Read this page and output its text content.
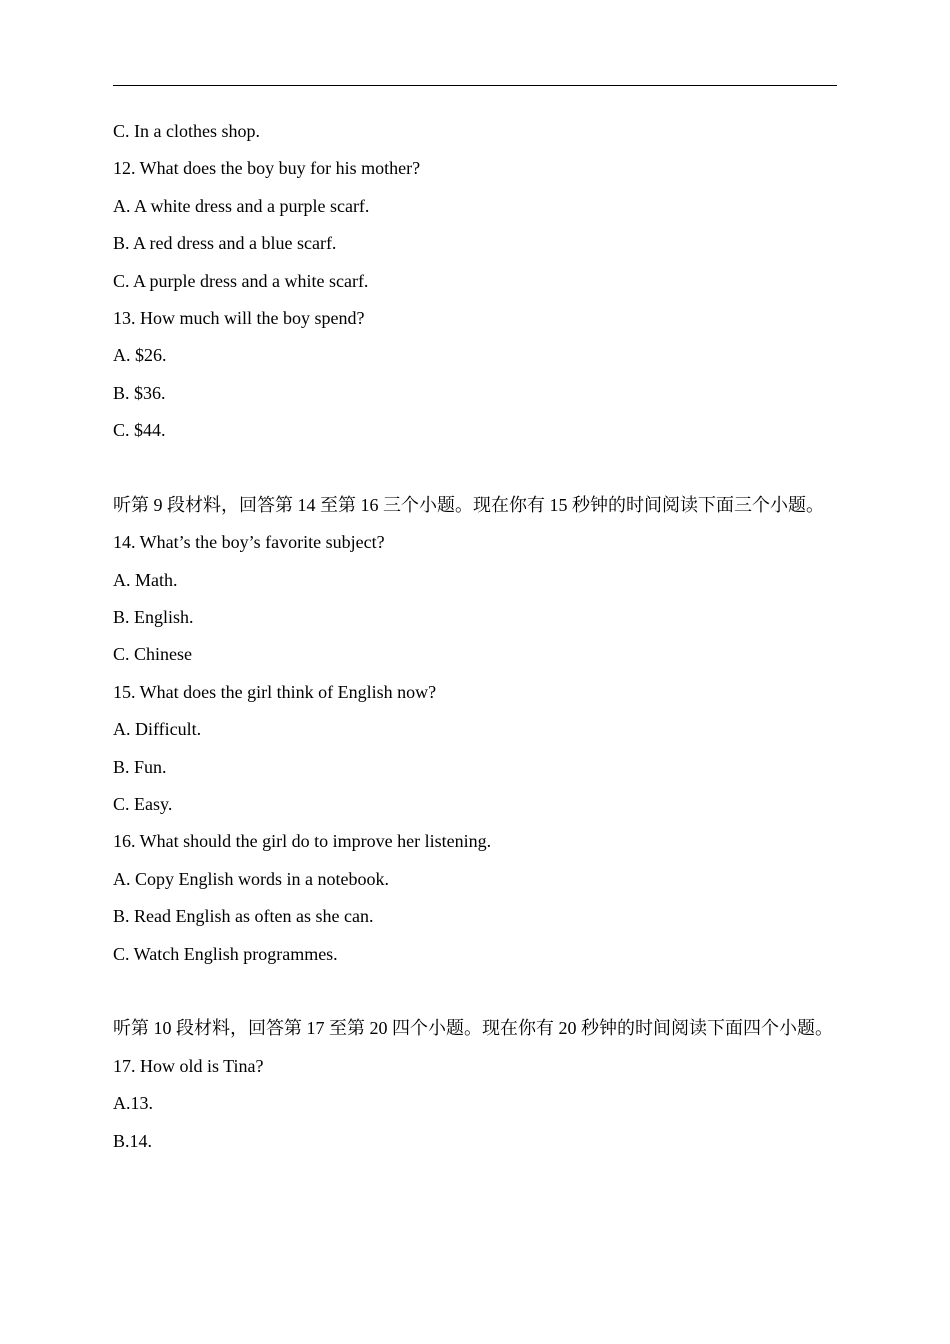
C. In a clothes shop.
12. What does the boy buy for his mother?
A. A white dress and a purple scarf.
B. A red dress and a blue scarf.
C. A purple dress and a white scarf.
13. How much will the boy spend?
A. $26.
B. $36.
C. $44.
听第 9 段材料，回答第 14 至第 16 三个小题。现在你有 15 秒钟的时间阅读下面三个小题。
14. What’s the boy’s favorite subject?
A. Math.
B. English.
C. Chinese
15. What does the girl think of English now?
A. Difficult.
B. Fun.
C. Easy.
16. What should the girl do to improve her listening.
A. Copy English words in a notebook.
B. Read English as often as she can.
C. Watch English programmes.
听第 10 段材料，回答第 17 至第 20 四个小题。现在你有 20 秒钟的时间阅读下面四个小题。
17. How old is Tina?
A.13.
B.14.
